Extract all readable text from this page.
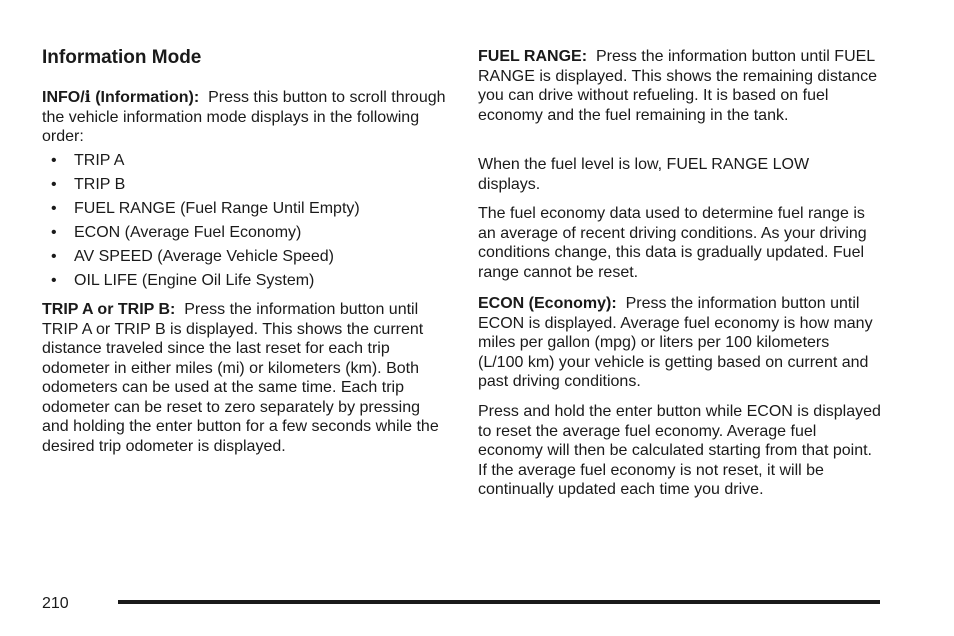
Information Mode

INFO/i (Information): Press this button to scroll through the vehicle information mode displays in the following order:

• TRIP A
• TRIP B
• FUEL RANGE (Fuel Range Until Empty)
• ECON (Average Fuel Economy)
• AV SPEED (Average Vehicle Speed)
• OIL LIFE (Engine Oil Life System)

TRIP A or TRIP B: Press the information button until TRIP A or TRIP B is displayed. This shows the current distance traveled since the last reset for each trip odometer in either miles (mi) or kilometers (km). Both odometers can be used at the same time. Each trip odometer can be reset to zero separately by pressing and holding the enter button for a few seconds while the desired trip odometer is displayed.

FUEL RANGE: Press the information button until FUEL RANGE is displayed. This shows the remaining distance you can drive without refueling. It is based on fuel economy and the fuel remaining in the tank.

When the fuel level is low, FUEL RANGE LOW displays.

The fuel economy data used to determine fuel range is an average of recent driving conditions. As your driving conditions change, this data is gradually updated. Fuel range cannot be reset.

ECON (Economy): Press the information button until ECON is displayed. Average fuel economy is how many miles per gallon (mpg) or liters per 100 kilometers (L/100 km) your vehicle is getting based on current and past driving conditions.

Press and hold the enter button while ECON is displayed to reset the average fuel economy. Average fuel economy will then be calculated starting from that point. If the average fuel economy is not reset, it will be continually updated each time you drive.

210
